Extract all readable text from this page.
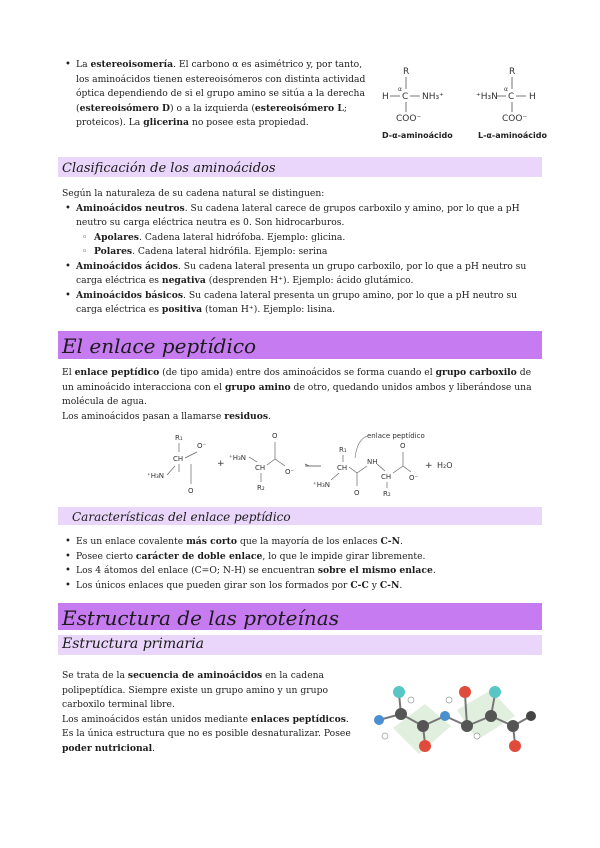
• La estereoisomería. El carbono α es asimétrico y, por tanto, los aminoácidos tienen estereoisómeros con distinta actividad óptica dependiendo de si el grupo amino se sitúa a la derecha (estereoisómero D) o a la izquierda (estereoisómero L; proteicos). La glicerina no posee esta propiedad.
R
H C
α
NH₃⁺
COO⁻
D-α-aminoácido
R
⁺H₃N C
α
H
COO⁻
L-α-aminoácido
Clasificación de los aminoácidos
Según la naturaleza de su cadena natural se distinguen:
• Aminoácidos neutros. Su cadena lateral carece de grupos carboxilo y amino, por lo que a pH neutro su carga eléctrica neutra es 0. Son hidrocarburos.
◦ Apolares. Cadena lateral hidrófoba. Ejemplo: glicina.
◦ Polares. Cadena lateral hidrófila. Ejemplo: serina
• Aminoácidos ácidos. Su cadena lateral presenta un grupo carboxilo, por lo que a pH neutro su carga eléctrica es negativa (desprenden H⁺). Ejemplo: ácido glutámico.
• Aminoácidos básicos. Su cadena lateral presenta un grupo amino, por lo que a pH neutro su carga eléctrica es positiva (toman H⁺). Ejemplo: lisina.
El enlace peptídico
El enlace peptídico (de tipo amida) entre dos aminoácidos se forma cuando el grupo carboxilo de un aminoácido interacciona con el grupo amino de otro, quedando unidos ambos y liberándose una molécula de agua.
Los aminoácidos pasan a llamarse residuos.
R₁
CH
O⁻
⁺H₃N
O
+
⁺H₃N
CH
R₂
O
O⁻
enlace peptídico
R₁
CH
⁺H₃N
O
NH
CH
R₂
O
O⁻
+ H₂O
Características del enlace peptídico
• Es un enlace covalente más corto que la mayoría de los enlaces C-N.
• Posee cierto carácter de doble enlace, lo que le impide girar libremente.
• Los 4 átomos del enlace (C=O; N-H) se encuentran sobre el mismo enlace.
• Los únicos enlaces que pueden girar son los formados por C-C y C-N.
Estructura de las proteínas
Estructura primaria
Se trata de la secuencia de aminoácidos en la cadena polipeptídica. Siempre existe un grupo amino y un grupo carboxilo terminal libre.
Los aminoácidos están unidos mediante enlaces peptídicos. Es la única estructura que no es posible desnaturalizar. Posee poder nutricional.
